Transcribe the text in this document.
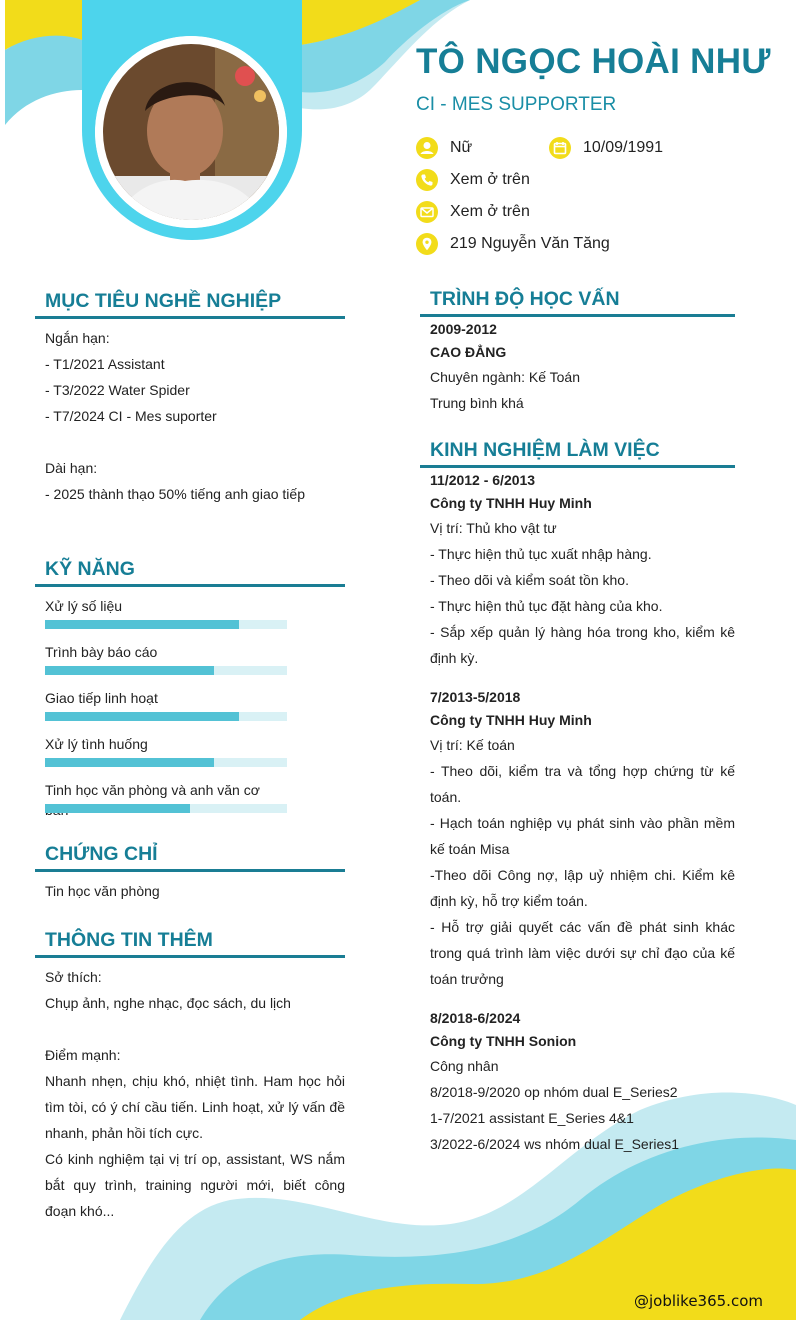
TÔ NGỌC HOÀI NHƯ
CI - MES SUPPORTER
Nữ	10/09/1991
Xem ở trên
Xem ở trên
219 Nguyễn Văn Tăng
MỤC TIÊU NGHỀ NGHIỆP
Ngắn hạn:
- T1/2021 Assistant
- T3/2022 Water Spider
- T7/2024 CI - Mes suporter

Dài hạn:
- 2025 thành thạo 50% tiếng anh giao tiếp
KỸ NĂNG
Xử lý số liệu
Trình bày báo cáo
Giao tiếp linh hoạt
Xử lý tình huống
Tinh học văn phòng và anh văn cơ
CHỨNG CHỈ
Tin học văn phòng
THÔNG TIN THÊM
Sở thích:
Chụp ảnh, nghe nhạc, đọc sách, du lịch

Điểm mạnh:
Nhanh nhẹn, chịu khó, nhiệt tình. Ham học hỏi tìm tòi, có ý chí cầu tiến. Linh hoạt, xử lý vấn đề nhanh, phản hồi tích cực.
Có kinh nghiệm tại vị trí op, assistant, WS nắm bắt quy trình, training người mới, biết công đoạn khó...
TRÌNH ĐỘ HỌC VẤN
2009-2012
CAO ĐẲNG
Chuyên ngành: Kế Toán
Trung bình khá
KINH NGHIỆM LÀM VIỆC
11/2012 - 6/2013
Công ty TNHH Huy Minh
Vị trí: Thủ kho vật tư
- Thực hiện thủ tục xuất nhập hàng.
- Theo dõi và kiểm soát tồn kho.
- Thực hiện thủ tục đặt hàng của kho.
- Sắp xếp quản lý hàng hóa trong kho, kiểm kê định kỳ.
7/2013-5/2018
Công ty TNHH Huy Minh
Vị trí: Kế toán
- Theo dõi, kiểm tra và tổng hợp chứng từ kế toán.
- Hạch toán nghiệp vụ phát sinh vào phần mềm kế toán Misa
-Theo dõi Công nợ, lập uỷ nhiệm chi. Kiểm kê định kỳ, hỗ trợ kiểm toán.
- Hỗ trợ giải quyết các vấn đề phát sinh khác trong quá trình làm việc dưới sự chỉ đạo của kế toán trưởng
8/2018-6/2024
Công ty TNHH Sonion
Công nhân
8/2018-9/2020 op nhóm dual E_Series2
1-7/2021 assistant E_Series 4&1
3/2022-6/2024 ws nhóm dual E_Series1
@joblike365.com
